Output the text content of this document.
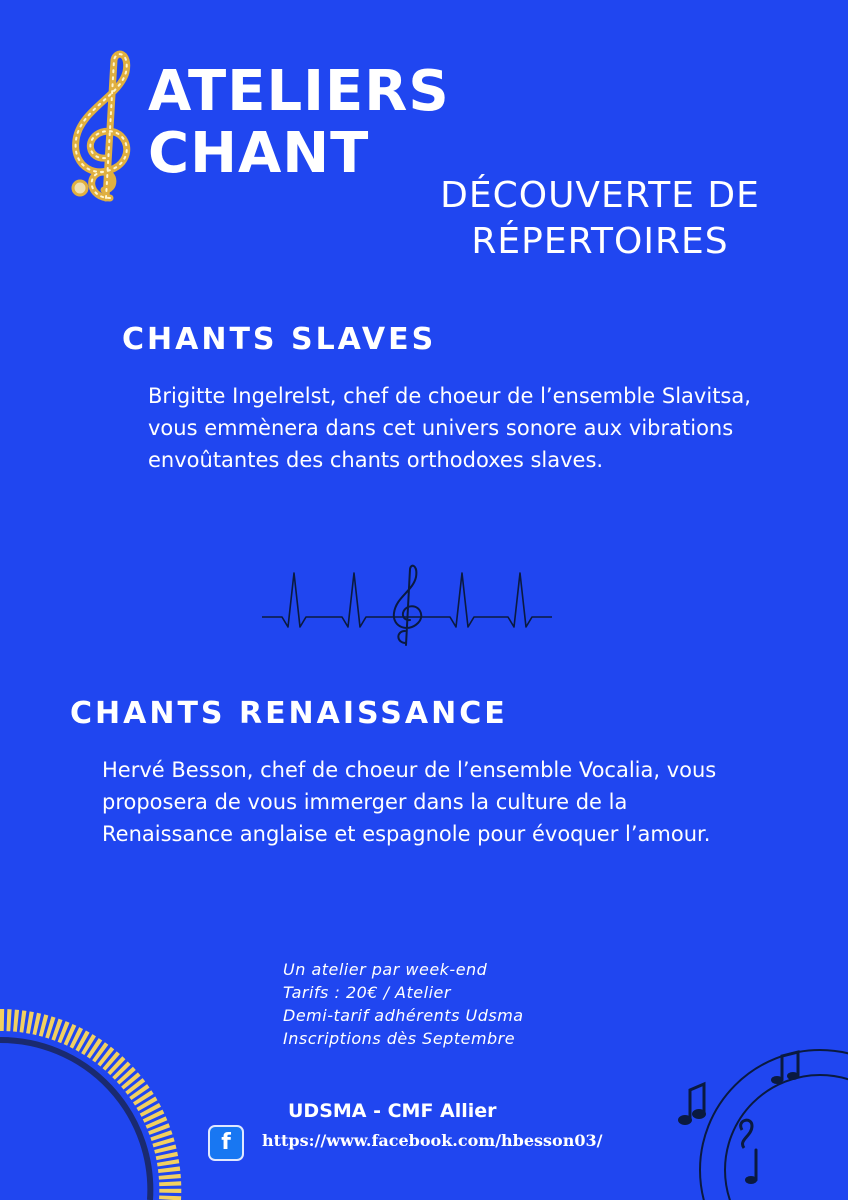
ATELIERS
CHANT
DÉCOUVERTE DE
RÉPERTOIRES
CHANTS SLAVES
Brigitte Ingelrelst, chef de choeur de l’ensemble Slavitsa, vous emmènera dans cet univers sonore aux vibrations envoûtantes des chants orthodoxes slaves.
CHANTS RENAISSANCE
Hervé Besson, chef de choeur de l’ensemble Vocalia, vous proposera de vous immerger dans la culture de la Renaissance anglaise et espagnole pour évoquer l’amour.
Un atelier par week-end
Tarifs : 20€ / Atelier
Demi-tarif adhérents Udsma
Inscriptions dès Septembre
UDSMA - CMF Allier
f	https://www.facebook.com/hbesson03/
